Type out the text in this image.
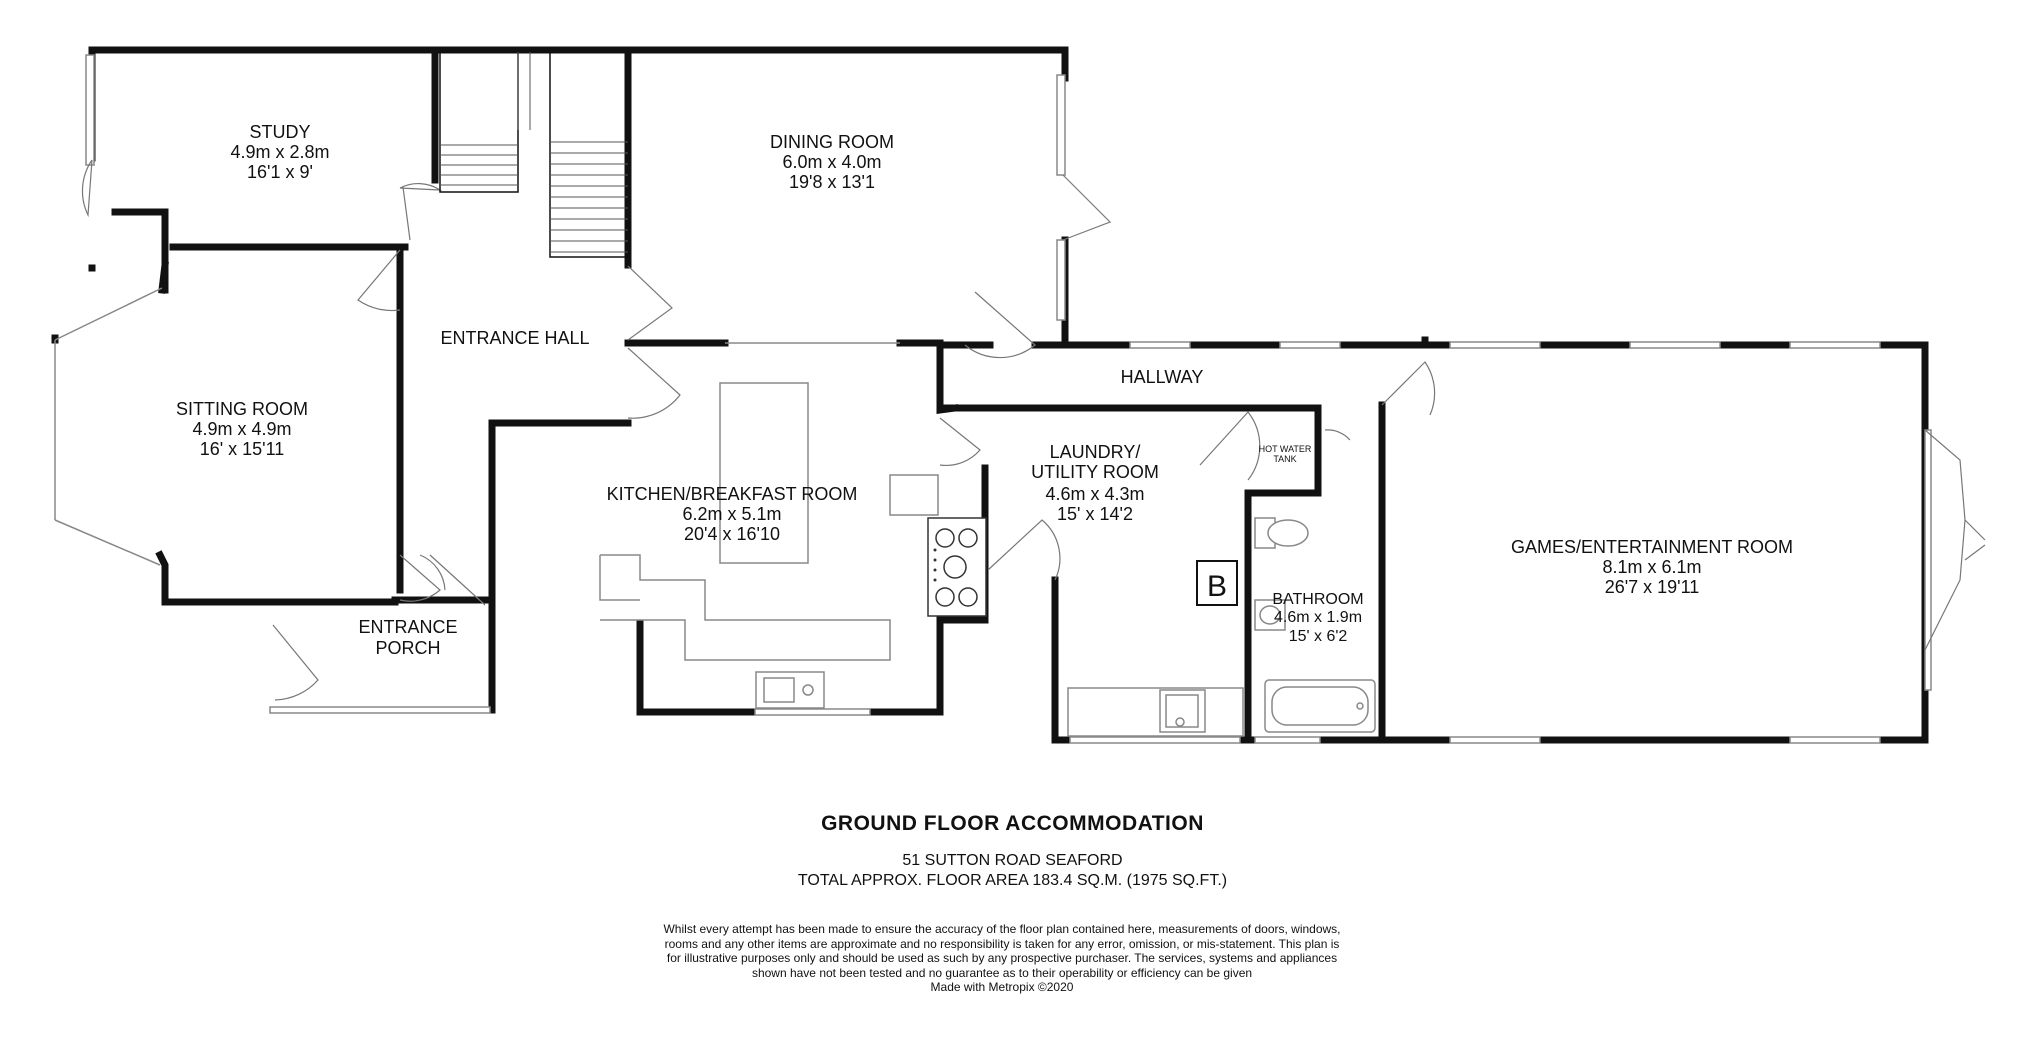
STUDY
4.9m x 2.8m
16'1 x 9'
DINING ROOM
6.0m x 4.0m
19'8 x 13'1
ENTRANCE HALL
SITTING ROOM
4.9m x 4.9m
16' x 15'11
HALLWAY
LAUNDRY/
UTILITY ROOM
4.6m x 4.3m
15' x 14'2
KITCHEN/BREAKFAST ROOM
6.2m x 5.1m
20'4 x 16'10
GAMES/ENTERTAINMENT ROOM
8.1m x 6.1m
26'7 x 19'11
BATHROOM
4.6m x 1.9m
15' x 6'2
ENTRANCE
PORCH
HOT WATER
TANK
B
GROUND FLOOR ACCOMMODATION
51 SUTTON ROAD SEAFORD
TOTAL APPROX. FLOOR AREA 183.4 SQ.M. (1975 SQ.FT.)
Whilst every attempt has been made to ensure the accuracy of the floor plan contained here, measurements of doors, windows, rooms and any other items are approximate and no responsibility is taken for any error, omission, or mis-statement. This plan is for illustrative purposes only and should be used as such by any prospective purchaser. The services, systems and appliances shown have not been tested and no guarantee as to their operability or efficiency can be given
Made with Metropix ©2020
